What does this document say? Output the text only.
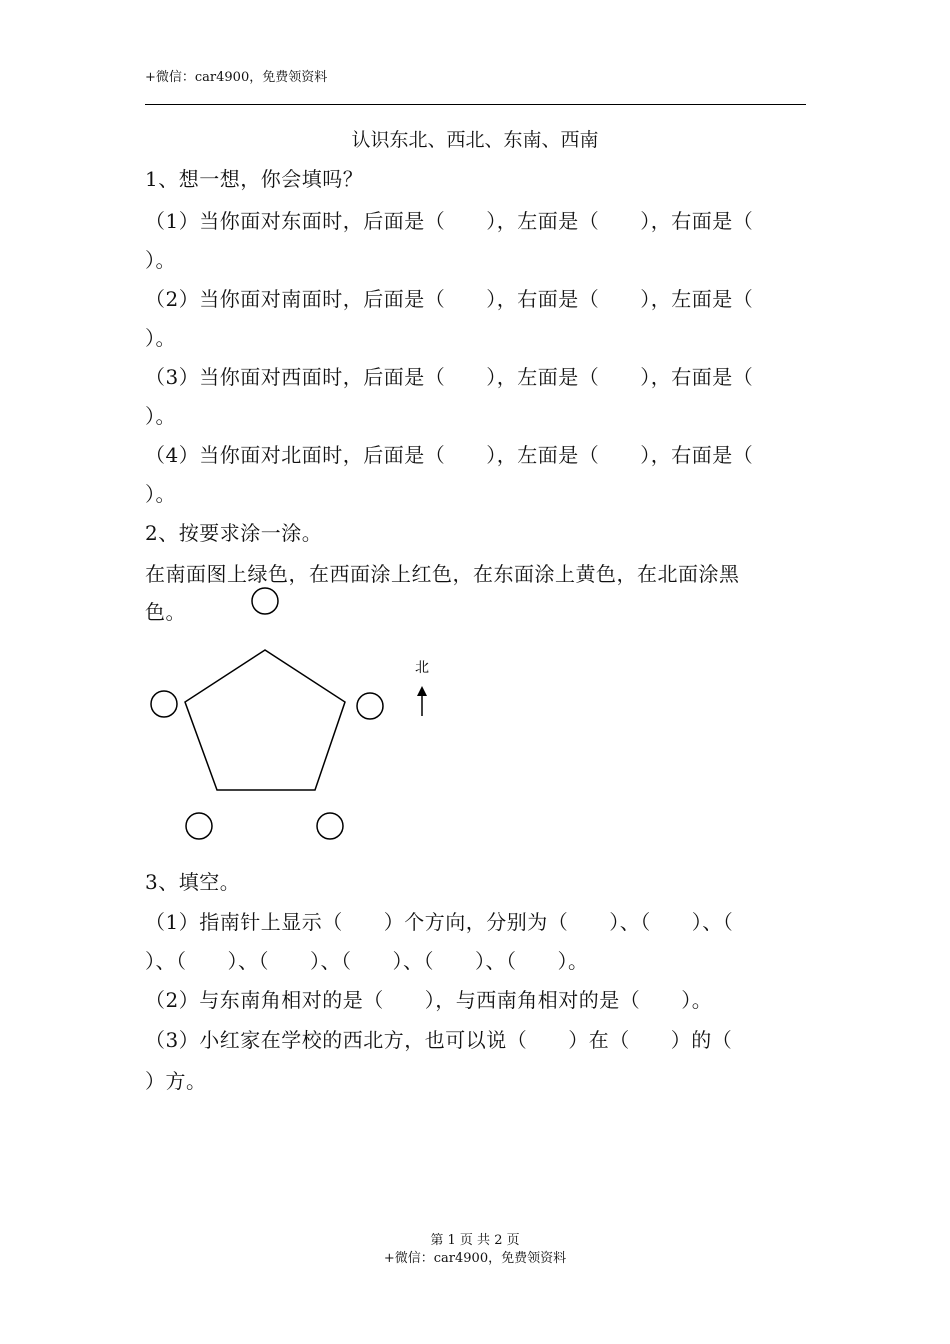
+微信：car4900，免费领资料
认识东北、西北、东南、西南
1、想一想，你会填吗？
（1）当你面对东面时，后面是（　　），左面是（　　），右面是（
）。
（2）当你面对南面时，后面是（　　），右面是（　　），左面是（
）。
（3）当你面对西面时，后面是（　　），左面是（　　），右面是（
）。
（4）当你面对北面时，后面是（　　），左面是（　　），右面是（
）。
2、按要求涂一涂。
在南面图上绿色，在西面涂上红色，在东面涂上黄色，在北面涂黑
色。
北
3、填空。
（1）指南针上显示（　　）个方向，分别为（　　）、（　　）、（
）、（　　）、（　　）、（　　）、（　　）、（　　）。
（2）与东南角相对的是（　　），与西南角相对的是（　　）。
（3）小红家在学校的西北方，也可以说（　　）在（　　）的（
）方。
第 1 页 共 2 页
+微信：car4900，免费领资料
